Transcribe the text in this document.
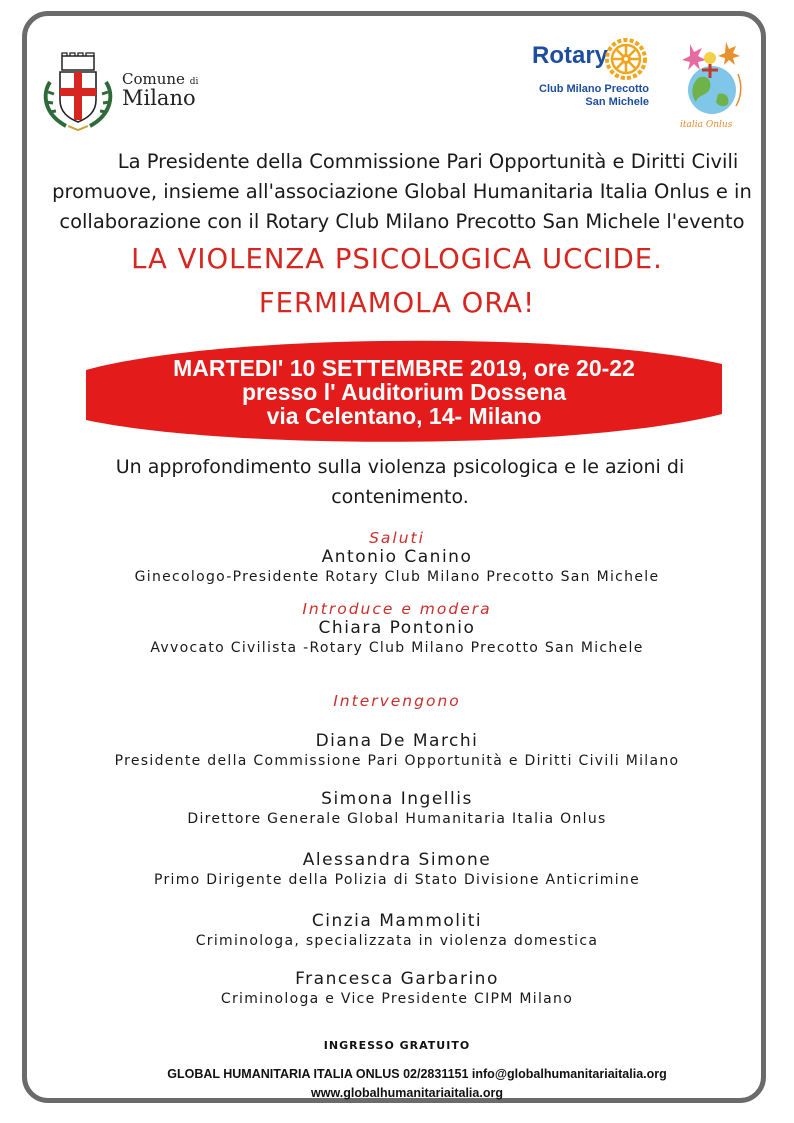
Comune di
Milano
Rotary
Club Milano Precotto
San Michele
italia Onlus
La Presidente della Commissione Pari Opportunità e Diritti Civili
promuove, insieme all'associazione Global Humanitaria Italia Onlus e in
collaborazione con il Rotary Club Milano Precotto San Michele l'evento
LA VIOLENZA PSICOLOGICA UCCIDE.
FERMIAMOLA ORA!
MARTEDI' 10 SETTEMBRE 2019, ore 20-22
presso l' Auditorium Dossena
via Celentano, 14- Milano
Un approfondimento sulla violenza psicologica e le azioni di
contenimento.
Saluti
Antonio Canino
Ginecologo-Presidente Rotary Club Milano Precotto San Michele
Introduce e modera
Chiara Pontonio
Avvocato Civilista -Rotary Club Milano Precotto San Michele
Intervengono
Diana De Marchi
Presidente della Commissione Pari Opportunità e Diritti Civili Milano
Simona Ingellis
Direttore Generale Global Humanitaria Italia Onlus
Alessandra Simone
Primo Dirigente della Polizia di Stato Divisione Anticrimine
Cinzia Mammoliti
Criminologa, specializzata in violenza domestica
Francesca Garbarino
Criminologa e Vice Presidente CIPM Milano
INGRESSO GRATUITO
GLOBAL HUMANITARIA ITALIA ONLUS 02/2831151 info@globalhumanitariaitalia.org
www.globalhumanitariaitalia.org
